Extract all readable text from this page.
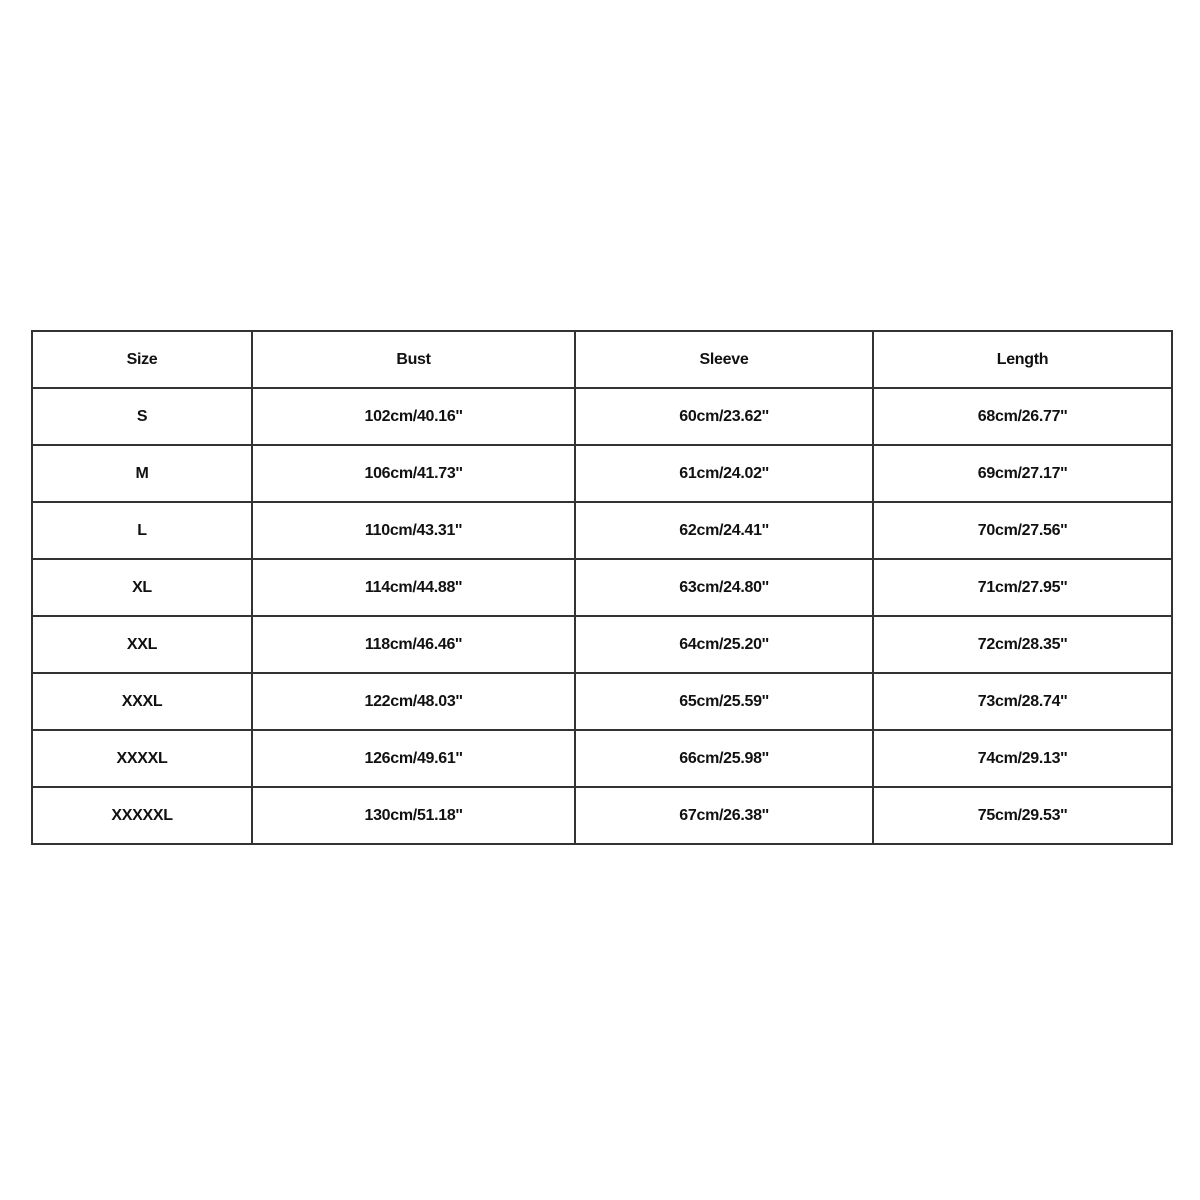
Size	Bust	Sleeve	Length
S	102cm/40.16''	60cm/23.62''	68cm/26.77''
M	106cm/41.73''	61cm/24.02''	69cm/27.17''
L	110cm/43.31''	62cm/24.41''	70cm/27.56''
XL	114cm/44.88''	63cm/24.80''	71cm/27.95''
XXL	118cm/46.46''	64cm/25.20''	72cm/28.35''
XXXL	122cm/48.03''	65cm/25.59''	73cm/28.74''
XXXXL	126cm/49.61''	66cm/25.98''	74cm/29.13''
XXXXXL	130cm/51.18''	67cm/26.38''	75cm/29.53''
